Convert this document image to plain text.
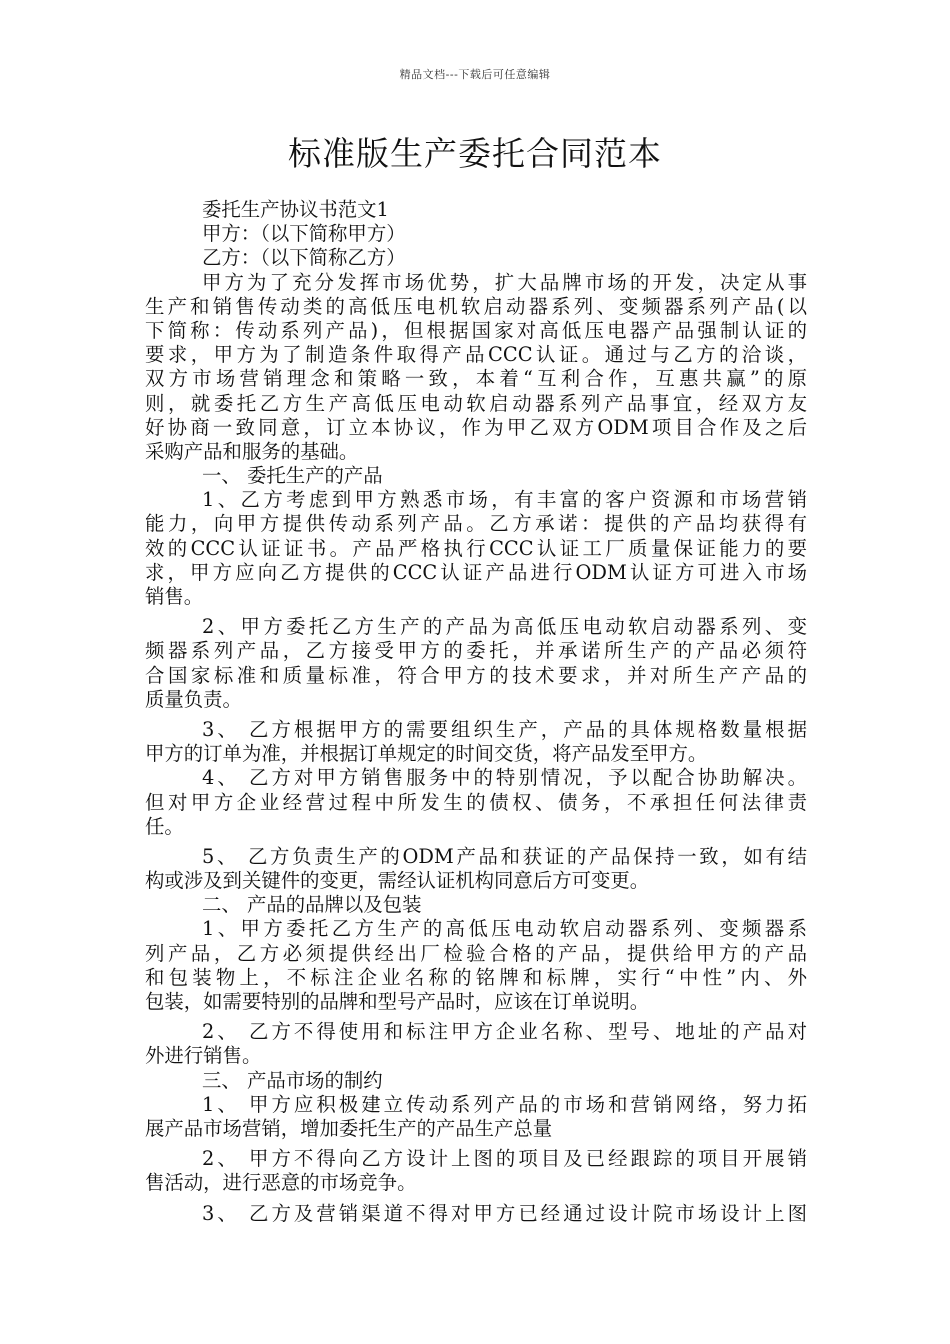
精品文档---下载后可任意编辑
标准版生产委托合同范本
委托生产协议书范文1
甲方：（以下简称甲方）
乙方：（以下简称乙方）
甲方为了充分发挥市场优势，扩大品牌市场的开发，决定从事
生产和销售传动类的高低压电机软启动器系列、变频器系列产品(以
下简称：传动系列产品)，但根据国家对高低压电器产品强制认证的
要求，甲方为了制造条件取得产品CCC认证。通过与乙方的洽谈，
双方市场营销理念和策略一致，本着“互利合作，互惠共赢”的原
则，就委托乙方生产高低压电动软启动器系列产品事宜，经双方友
好协商一致同意，订立本协议，作为甲乙双方ODM项目合作及之后
采购产品和服务的基础。
一、 委托生产的产品
1、乙方考虑到甲方熟悉市场，有丰富的客户资源和市场营销
能力，向甲方提供传动系列产品。乙方承诺：提供的产品均获得有
效的CCC认证证书。产品严格执行CCC认证工厂质量保证能力的要
求，甲方应向乙方提供的CCC认证产品进行ODM认证方可进入市场
销售。
2、甲方委托乙方生产的产品为高低压电动软启动器系列、变
频器系列产品，乙方接受甲方的委托，并承诺所生产的产品必须符
合国家标准和质量标准，符合甲方的技术要求，并对所生产产品的
质量负责。
3、 乙方根据甲方的需要组织生产，产品的具体规格数量根据
甲方的订单为准，并根据订单规定的时间交货，将产品发至甲方。
4、 乙方对甲方销售服务中的特别情况，予以配合协助解决。
但对甲方企业经营过程中所发生的债权、债务，不承担任何法律责
任。
5、 乙方负责生产的ODM产品和获证的产品保持一致，如有结
构或涉及到关键件的变更，需经认证机构同意后方可变更。
二、 产品的品牌以及包装
1、甲方委托乙方生产的高低压电动软启动器系列、变频器系
列产品，乙方必须提供经出厂检验合格的产品，提供给甲方的产品
和包装物上，不标注企业名称的铭牌和标牌，实行“中性”内、外
包装，如需要特别的品牌和型号产品时，应该在订单说明。
2、 乙方不得使用和标注甲方企业名称、型号、地址的产品对
外进行销售。
三、 产品市场的制约
1、 甲方应积极建立传动系列产品的市场和营销网络，努力拓
展产品市场营销，增加委托生产的产品生产总量
2、 甲方不得向乙方设计上图的项目及已经跟踪的项目开展销
售活动，进行恶意的市场竞争。
3、 乙方及营销渠道不得对甲方已经通过设计院市场设计上图
